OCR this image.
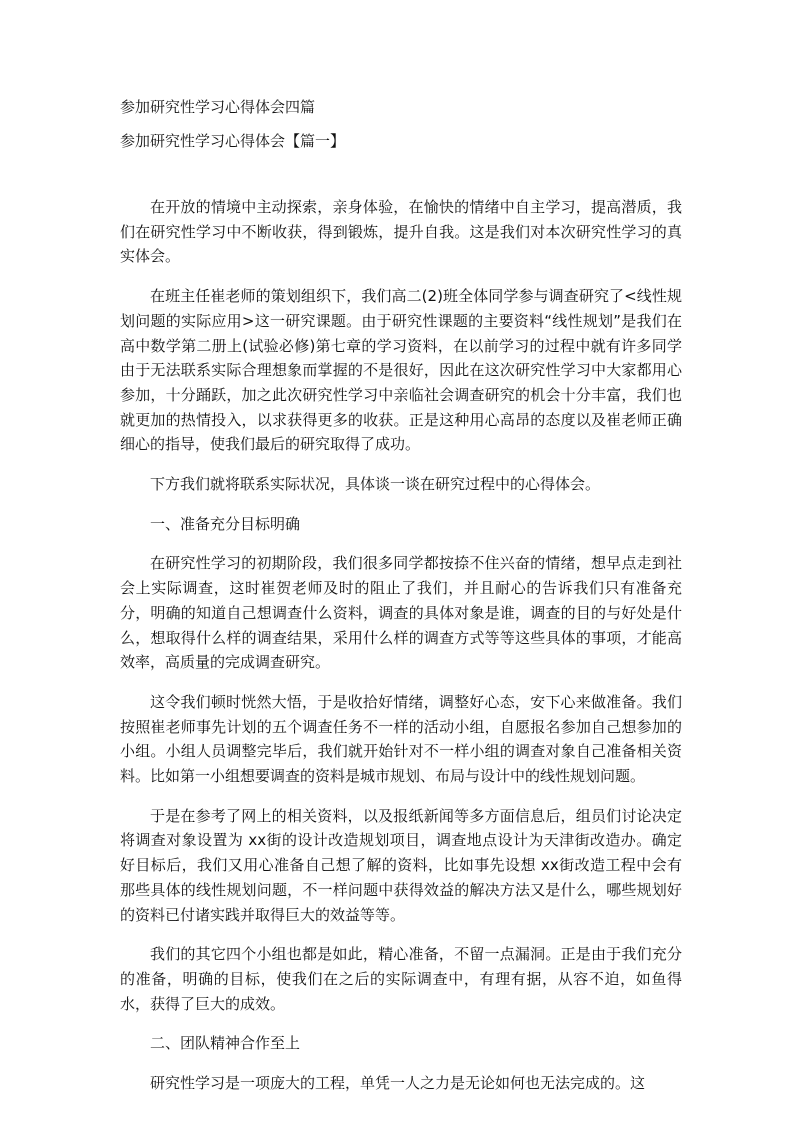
参加研究性学习心得体会四篇
参加研究性学习心得体会【篇一】

在开放的情境中主动探索，亲身体验，在愉快的情绪中自主学习，提高潜质，我们在研究性学习中不断收获，得到锻炼，提升自我。这是我们对本次研究性学习的真实体会。

在班主任崔老师的策划组织下，我们高二(2)班全体同学参与调查研究了<线性规划问题的实际应用>这一研究课题。由于研究性课题的主要资料“线性规划”是我们在高中数学第二册上(试验必修)第七章的学习资料，在以前学习的过程中就有许多同学由于无法联系实际合理想象而掌握的不是很好，因此在这次研究性学习中大家都用心参加，十分踊跃，加之此次研究性学习中亲临社会调查研究的机会十分丰富，我们也就更加的热情投入，以求获得更多的收获。正是这种用心高昂的态度以及崔老师正确细心的指导，使我们最后的研究取得了成功。

下方我们就将联系实际状况，具体谈一谈在研究过程中的心得体会。

一、准备充分目标明确

在研究性学习的初期阶段，我们很多同学都按捺不住兴奋的情绪，想早点走到社会上实际调查，这时崔贺老师及时的阻止了我们，并且耐心的告诉我们只有准备充分，明确的知道自己想调查什么资料，调查的具体对象是谁，调查的目的与好处是什么，想取得什么样的调查结果，采用什么样的调查方式等等这些具体的事项，才能高效率，高质量的完成调查研究。

这令我们顿时恍然大悟，于是收拾好情绪，调整好心态，安下心来做准备。我们按照崔老师事先计划的五个调查任务不一样的活动小组，自愿报名参加自己想参加的小组。小组人员调整完毕后，我们就开始针对不一样小组的调查对象自己准备相关资料。比如第一小组想要调查的资料是城市规划、布局与设计中的线性规划问题。

于是在参考了网上的相关资料，以及报纸新闻等多方面信息后，组员们讨论决定将调查对象设置为 xx街的设计改造规划项目，调查地点设计为天津街改造办。确定好目标后，我们又用心准备自己想了解的资料，比如事先设想 xx街改造工程中会有那些具体的线性规划问题，不一样问题中获得效益的解决方法又是什么，哪些规划好的资料已付诸实践并取得巨大的效益等等。

我们的其它四个小组也都是如此，精心准备，不留一点漏洞。正是由于我们充分的准备，明确的目标，使我们在之后的实际调查中，有理有据，从容不迫，如鱼得水，获得了巨大的成效。

二、团队精神合作至上

研究性学习是一项庞大的工程，单凭一人之力是无论如何也无法完成的。这
